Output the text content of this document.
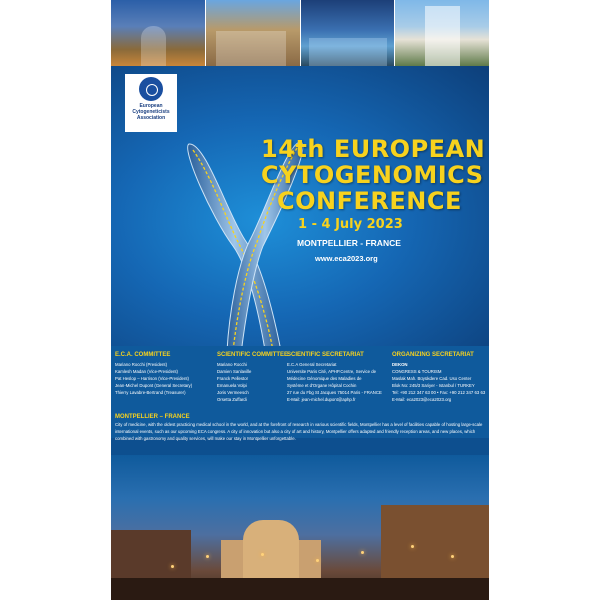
European Cytogeneticists Association
14th EUROPEAN
CYTOGENOMICS
CONFERENCE
1 - 4 July 2023
MONTPELLIER - FRANCE
www.eca2023.org
E.C.A. COMMITTEE
Mariano Rocchi (President)
Kamlesh Madan (Vice-President)
Pat Heslop – Harrison (Vice-President)
Jean-Michel Dupont (General Secretary)
Thierry Lavabre-Bertrand (Treasurer)
SCIENTIFIC COMMITTEE
Mariano Rocchi
Damien Sanlaville
Franck Pellestor
Emanuela Volpi
Joris Vermeesch
Orsetta Zuffardi
SCIENTIFIC SECRETARIAT
E.C.A General Secretariat
Universite Paris Cité, APHP.Centre, Service de
Médecine Génomique des Maladies de
Système et d'Organe Hôpital Cochin
27 rue du Fbg St Jacques 75014 Paris - FRANCE
E-Mail: jean-michel.dupont@aphp.fr
ORGANIZING SECRETARIAT
DEKON
CONGRESS & TOURISM
Maslak Mah. Büyükdere Cad. Uso Center
Blok No: 245/3 Sariyer - Istanbul / TURKEY
Tel: +90 212 347 63 00 • Fax: +90 212 347 63 63
E-Mail: eca2023@eca2023.org
MONTPELLIER – FRANCE

City of medicine, with the oldest practicing medical school in the world, and at the forefront of research in various scientific fields, Montpellier has a level of facilities capable of hosting large-scale international events, such as our upcoming ECA congress. A city of innovation but also a city of art and history, Montpellier offers adapted and friendly reception areas, and new places, which combined with gastronomy and quality services, will make our stay in Montpellier unforgettable.
